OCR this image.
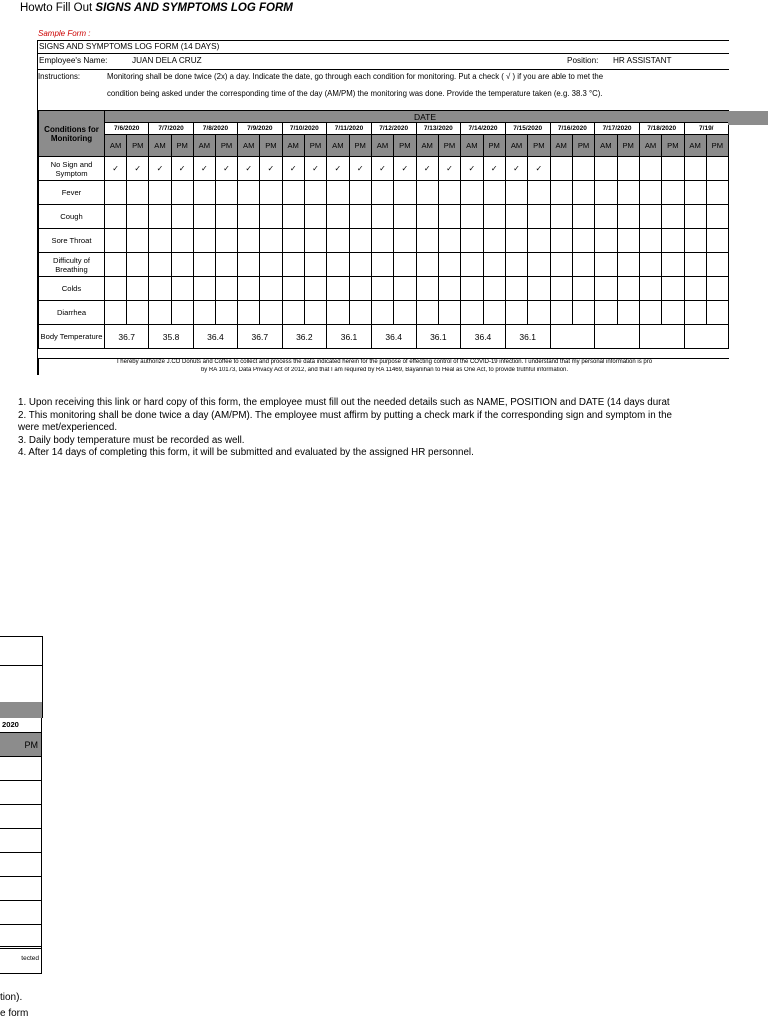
Howto Fill Out SIGNS AND SYMPTOMS LOG FORM
Sample Form :
SIGNS AND SYMPTOMS LOG FORM (14 DAYS)
Employee's Name:	JUAN DELA CRUZ	Position: HR ASSISTANT
Instructions:	Monitoring shall be done twice (2x) a day. Indicate the date, go through each condition for monitoring. Put a check ( √ ) if you are able to met the
condition being asked under the corresponding time of the day (AM/PM) the monitoring was done. Provide the temperature taken (e.g. 38.3 °C).
Conditions for Monitoring	DATE																											
	7/6/2020		7/7/2020		7/8/2020		7/9/2020		7/10/2020		7/11/2020		7/12/2020		7/13/2020		7/14/2020		7/15/2020		7/16/2020		7/17/2020		7/18/2020		7/19/	
	AM	PM	AM	PM	AM	PM	AM	PM	AM	PM	AM	PM	AM	PM	AM	PM	AM	PM	AM	PM	AM	PM	AM	PM	AM	PM	AM	PM
No Sign and Symptom	✓	✓	✓	✓	✓	✓	✓	✓	✓	✓	✓	✓	✓	✓	✓	✓	✓	✓	✓	✓								
Fever																												
Cough																												
Sore Throat																												
Difficulty of Breathing																												
Colds																												
Diarrhea																												
Body Temperature	36.7		35.8		36.4		36.7		36.2		36.1		36.4		36.1		36.4		36.1									
I hereby authorize J.CO Donuts and Coffee to collect and process the data indicated herein for the purpose of effecting control of the COVID-19 infection. I understand that my personal information is pro
by RA 10173, Data Privacy Act of 2012, and that I am required by RA 11469, Bayanihan to Heal as One Act, to provide truthful information.

1. Upon receiving this link or hard copy of this form, the employee must fill out the needed details such as NAME, POSITION and DATE (14 days durat

2. This monitoring shall be done twice a day (AM/PM). The employee must affirm by putting a check mark if the corresponding sign and symptom in the

were met/experienced.

3. Daily body temperature must be recorded as well.

4. After 14 days of completing this form, it will be submitted and evaluated by the assigned HR personnel.

2020
PM
tected
tion).
e form
